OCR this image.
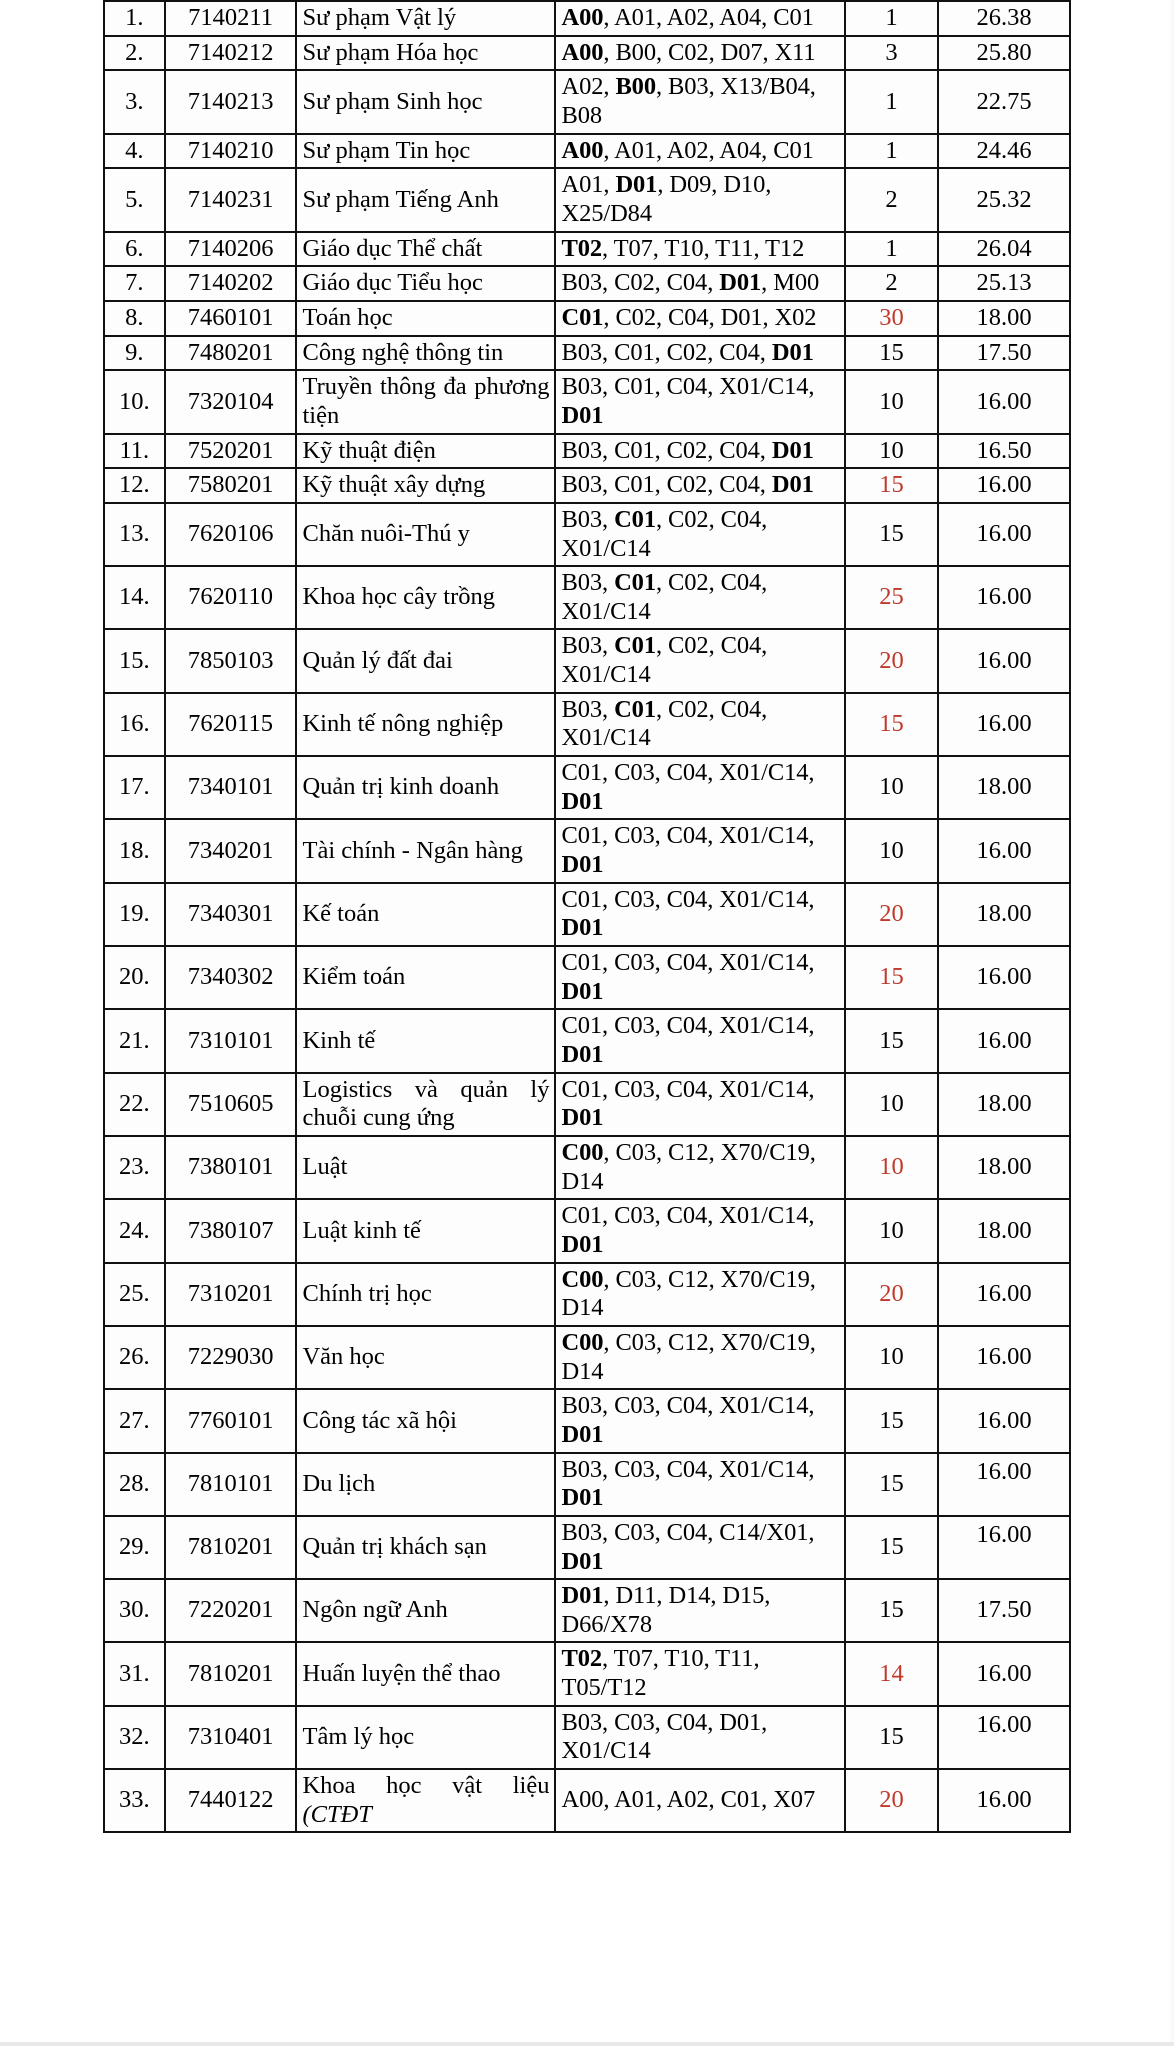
1.	7140211	Sư phạm Vật lý	A00, A01, A02, A04, C01	1	26.38
2.	7140212	Sư phạm Hóa học	A00, B00, C02, D07, X11	3	25.80
3.	7140213	Sư phạm Sinh học	A02, B00, B03, X13/B04, B08	1	22.75
4.	7140210	Sư phạm Tin học	A00, A01, A02, A04, C01	1	24.46
5.	7140231	Sư phạm Tiếng Anh	A01, D01, D09, D10, X25/D84	2	25.32
6.	7140206	Giáo dục Thể chất	T02, T07, T10, T11, T12	1	26.04
7.	7140202	Giáo dục Tiểu học	B03, C02, C04, D01, M00	2	25.13
8.	7460101	Toán học	C01, C02, C04, D01, X02	30	18.00
9.	7480201	Công nghệ thông tin	B03, C01, C02, C04, D01	15	17.50
10.	7320104	Truyền thông đa phương tiện	B03, C01, C04, X01/C14, D01	10	16.00
11.	7520201	Kỹ thuật điện	B03, C01, C02, C04, D01	10	16.50
12.	7580201	Kỹ thuật xây dựng	B03, C01, C02, C04, D01	15	16.00
13.	7620106	Chăn nuôi-Thú y	B03, C01, C02, C04, X01/C14	15	16.00
14.	7620110	Khoa học cây trồng	B03, C01, C02, C04, X01/C14	25	16.00
15.	7850103	Quản lý đất đai	B03, C01, C02, C04, X01/C14	20	16.00
16.	7620115	Kinh tế nông nghiệp	B03, C01, C02, C04, X01/C14	15	16.00
17.	7340101	Quản trị kinh doanh	C01, C03, C04, X01/C14, D01	10	18.00
18.	7340201	Tài chính - Ngân hàng	C01, C03, C04, X01/C14, D01	10	16.00
19.	7340301	Kế toán	C01, C03, C04, X01/C14, D01	20	18.00
20.	7340302	Kiểm toán	C01, C03, C04, X01/C14, D01	15	16.00
21.	7310101	Kinh tế	C01, C03, C04, X01/C14, D01	15	16.00
22.	7510605	Logistics và quản lý chuỗi cung ứng	C01, C03, C04, X01/C14, D01	10	18.00
23.	7380101	Luật	C00, C03, C12, X70/C19, D14	10	18.00
24.	7380107	Luật kinh tế	C01, C03, C04, X01/C14, D01	10	18.00
25.	7310201	Chính trị học	C00, C03, C12, X70/C19, D14	20	16.00
26.	7229030	Văn học	C00, C03, C12, X70/C19, D14	10	16.00
27.	7760101	Công tác xã hội	B03, C03, C04, X01/C14, D01	15	16.00
28.	7810101	Du lịch	B03, C03, C04, X01/C14, D01	15	16.00
29.	7810201	Quản trị khách sạn	B03, C03, C04, C14/X01, D01	15	16.00
30.	7220201	Ngôn ngữ Anh	D01, D11, D14, D15, D66/X78	15	17.50
31.	7810201	Huấn luyện thể thao	T02, T07, T10, T11, T05/T12	14	16.00
32.	7310401	Tâm lý học	B03, C03, C04, D01, X01/C14	15	16.00
33.	7440122	Khoa học vật liệu (CTĐT	A00, A01, A02, C01, X07	20	16.00
